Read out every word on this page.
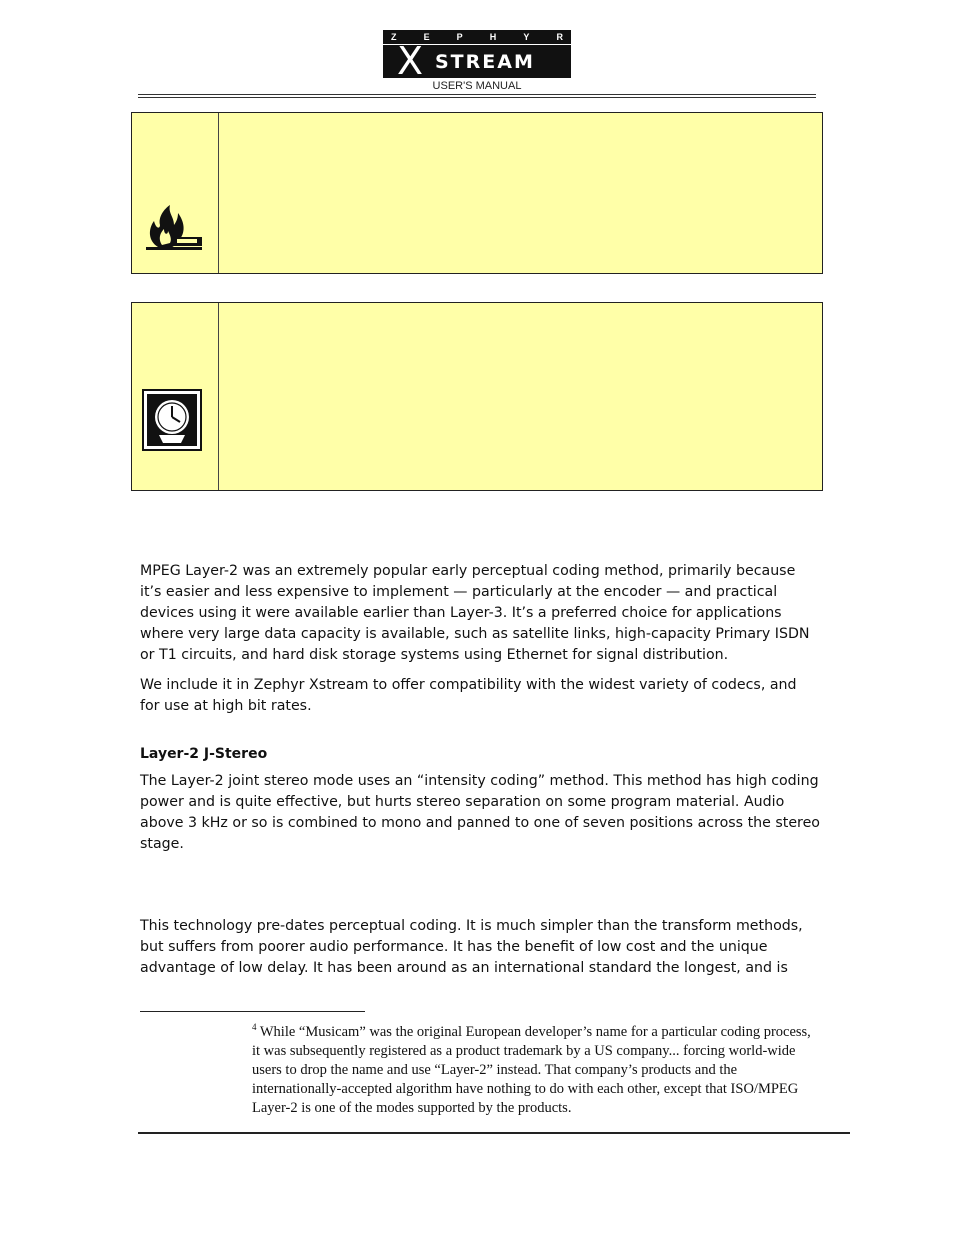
Z	E	P	H	Y	R
X STREAM
USER'S MANUAL

MPEG Layer-2 was an extremely popular early perceptual coding method, primarily because it’s easier and less expensive to implement — particularly at the encoder — and practical devices using it were available earlier than Layer-3. It’s a preferred choice for applications where very large data capacity is available, such as satellite links, high-capacity Primary ISDN or T1 circuits, and hard disk storage systems using Ethernet for signal distribution.

We include it in Zephyr Xstream to offer compatibility with the widest variety of codecs, and for use at high bit rates.

Layer-2 J-Stereo

The Layer-2 joint stereo mode uses an “intensity coding” method. This method has high coding power and is quite effective, but hurts stereo separation on some program material. Audio above 3 kHz or so is combined to mono and panned to one of seven positions across the stereo stage.

This technology pre-dates perceptual coding. It is much simpler than the transform methods, but suffers from poorer audio performance. It has the benefit of low cost and the unique advantage of low delay. It has been around as an international standard the longest, and is

$^4$ While “Musicam” was the original European developer’s name for a particular coding process, it was subsequently registered as a product trademark by a US company... forcing world-wide users to drop the name and use “Layer-2” instead. That company’s products and the internationally-accepted algorithm have nothing to do with each other, except that ISO/MPEG Layer-2 is one of the modes supported by the products.
